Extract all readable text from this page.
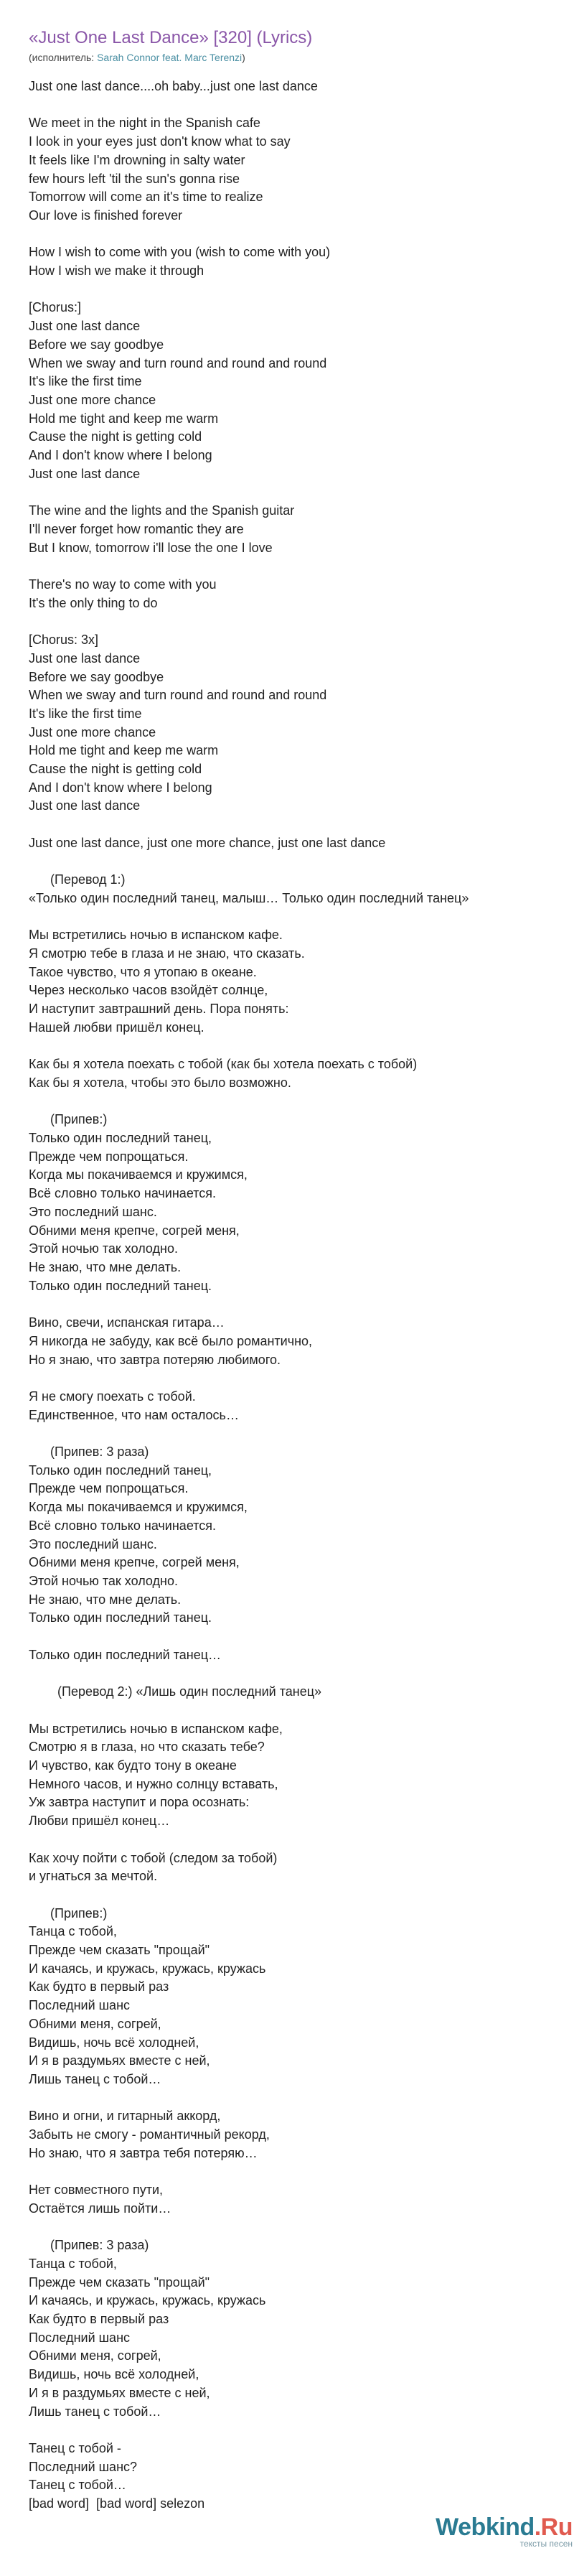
«Just One Last Dance» [320] (Lyrics)
(исполнитель: Sarah Connor feat. Marc Terenzi)
Just one last dance....oh baby...just one last dance

We meet in the night in the Spanish cafe
I look in your eyes just don't know what to say
It feels like I'm drowning in salty water
few hours left 'til the sun's gonna rise
Tomorrow will come an it's time to realize
Our love is finished forever

How I wish to come with you (wish to come with you)
How I wish we make it through

[Chorus:]
Just one last dance
Before we say goodbye
When we sway and turn round and round and round
It's like the first time
Just one more chance
Hold me tight and keep me warm
Cause the night is getting cold
And I don't know where I belong
Just one last dance

The wine and the lights and the Spanish guitar
I'll never forget how romantic they are
But I know, tomorrow i'll lose the one I love

There's no way to come with you
It's the only thing to do

[Chorus: 3x]
Just one last dance
Before we say goodbye
When we sway and turn round and round and round
It's like the first time
Just one more chance
Hold me tight and keep me warm
Cause the night is getting cold
And I don't know where I belong
Just one last dance

Just one last dance, just one more chance, just one last dance

(Перевод 1:)
«Только один последний танец, малыш… Только один последний танец»

Мы встретились ночью в испанском кафе.
Я смотрю тебе в глаза и не знаю, что сказать.
Такое чувство, что я утопаю в океане.
Через несколько часов взойдёт солнце,
И наступит завтрашний день. Пора понять:
Нашей любви пришёл конец.

Как бы я хотела поехать с тобой (как бы хотела поехать с тобой)
Как бы я хотела, чтобы это было возможно.

(Припев:)
Только один последний танец,
Прежде чем попрощаться.
Когда мы покачиваемся и кружимся,
Всё словно только начинается.
Это последний шанс.
Обними меня крепче, согрей меня,
Этой ночью так холодно.
Не знаю, что мне делать.
Только один последний танец.

Вино, свечи, испанская гитара…
Я никогда не забуду, как всё было романтично,
Но я знаю, что завтра потеряю любимого.

Я не смогу поехать с тобой.
Единственное, что нам осталось…

(Припев: 3 раза)
Только один последний танец,
Прежде чем попрощаться.
Когда мы покачиваемся и кружимся,
Всё словно только начинается.
Это последний шанс.
Обними меня крепче, согрей меня,
Этой ночью так холодно.
Не знаю, что мне делать.
Только один последний танец.

Только один последний танец…

(Перевод 2:) «Лишь один последний танец»

Мы встретились ночью в испанском кафе,
Смотрю я в глаза, но что сказать тебе?
И чувство, как будто тону в океане
Немного часов, и нужно солнцу вставать,
Уж завтра наступит и пора осознать:
Любви пришёл конец…

Как хочу пойти с тобой (следом за тобой)
и угнаться за мечтой.

(Припев:)
Танца с тобой,
Прежде чем сказать "прощай"
И качаясь, и кружась, кружась, кружась
Как будто в первый раз
Последний шанс
Обними меня, согрей,
Видишь, ночь всё холодней,
И я в раздумьях вместе с ней,
Лишь танец с тобой…

Вино и огни, и гитарный аккорд,
Забыть не смогу - романтичный рекорд,
Но знаю, что я завтра тебя потеряю…

Нет совместного пути,
Остаётся лишь пойти…

(Припев: 3 раза)
Танца с тобой,
Прежде чем сказать "прощай"
И качаясь, и кружась, кружась, кружась
Как будто в первый раз
Последний шанс
Обними меня, согрей,
Видишь, ночь всё холодней,
И я в раздумьях вместе с ней,
Лишь танец с тобой…

Танец с тобой -
Последний шанс?
Танец с тобой…
[bad word]  [bad word] selezon
Webkind.Ru
тексты песен
